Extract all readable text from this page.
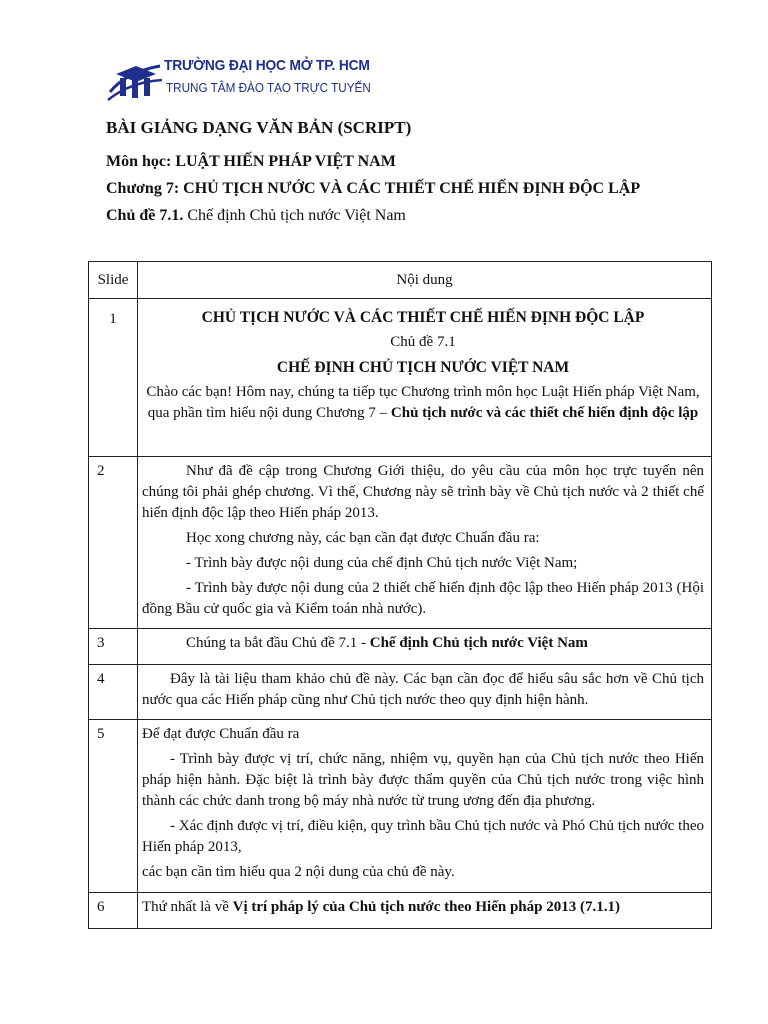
TRƯỜNG ĐẠI HỌC MỞ TP. HCM
TRUNG TÂM ĐÀO TẠO TRỰC TUYẾN
BÀI GIẢNG DẠNG VĂN BẢN (SCRIPT)
Môn học: LUẬT HIẾN PHÁP VIỆT NAM
Chương 7: CHỦ TỊCH NƯỚC VÀ CÁC THIẾT CHẾ HIẾN ĐỊNH ĐỘC LẬP
Chủ đề 7.1. Chế định Chủ tịch nước Việt Nam
Slide	Nội dung
1	CHỦ TỊCH NƯỚC VÀ CÁC THIẾT CHẾ HIẾN ĐỊNH ĐỘC LẬP
Chủ đề 7.1
CHẾ ĐỊNH CHỦ TỊCH NƯỚC VIỆT NAM
Chào các bạn! Hôm nay, chúng ta tiếp tục Chương trình môn học Luật Hiến pháp Việt Nam, qua phần tìm hiểu nội dung Chương 7 – Chủ tịch nước và các thiết chế hiến định độc lập

2	Như đã đề cập trong Chương Giới thiệu, do yêu cầu của môn học trực tuyến nên chúng tôi phải ghép chương. Vì thế, Chương này sẽ trình bày về Chủ tịch nước và 2 thiết chế hiến định độc lập theo Hiến pháp 2013.
Học xong chương này, các bạn cần đạt được Chuẩn đầu ra:
- Trình bày được nội dung của chế định Chủ tịch nước Việt Nam;
- Trình bày được nội dung của 2 thiết chế hiến định độc lập theo Hiến pháp 2013 (Hội đồng Bầu cử quốc gia và Kiểm toán nhà nước).

3	Chúng ta bắt đầu Chủ đề 7.1 - Chế định Chủ tịch nước Việt Nam

4	Đây là tài liệu tham khảo chủ đề này. Các bạn cần đọc để hiểu sâu sắc hơn về Chủ tịch nước qua các Hiến pháp cũng như Chủ tịch nước theo quy định hiện hành.

5	Để đạt được Chuẩn đầu ra
- Trình bày được vị trí, chức năng, nhiệm vụ, quyền hạn của Chủ tịch nước theo Hiến pháp hiện hành. Đặc biệt là trình bày được thẩm quyền của Chủ tịch nước trong việc hình thành các chức danh trong bộ máy nhà nước từ trung ương đến địa phương.
- Xác định được vị trí, điều kiện, quy trình bầu Chủ tịch nước và Phó Chủ tịch nước theo Hiến pháp 2013,
các bạn cần tìm hiểu qua 2 nội dung của chủ đề này.

6	Thứ nhất là về Vị trí pháp lý của Chủ tịch nước theo Hiến pháp 2013 (7.1.1)
